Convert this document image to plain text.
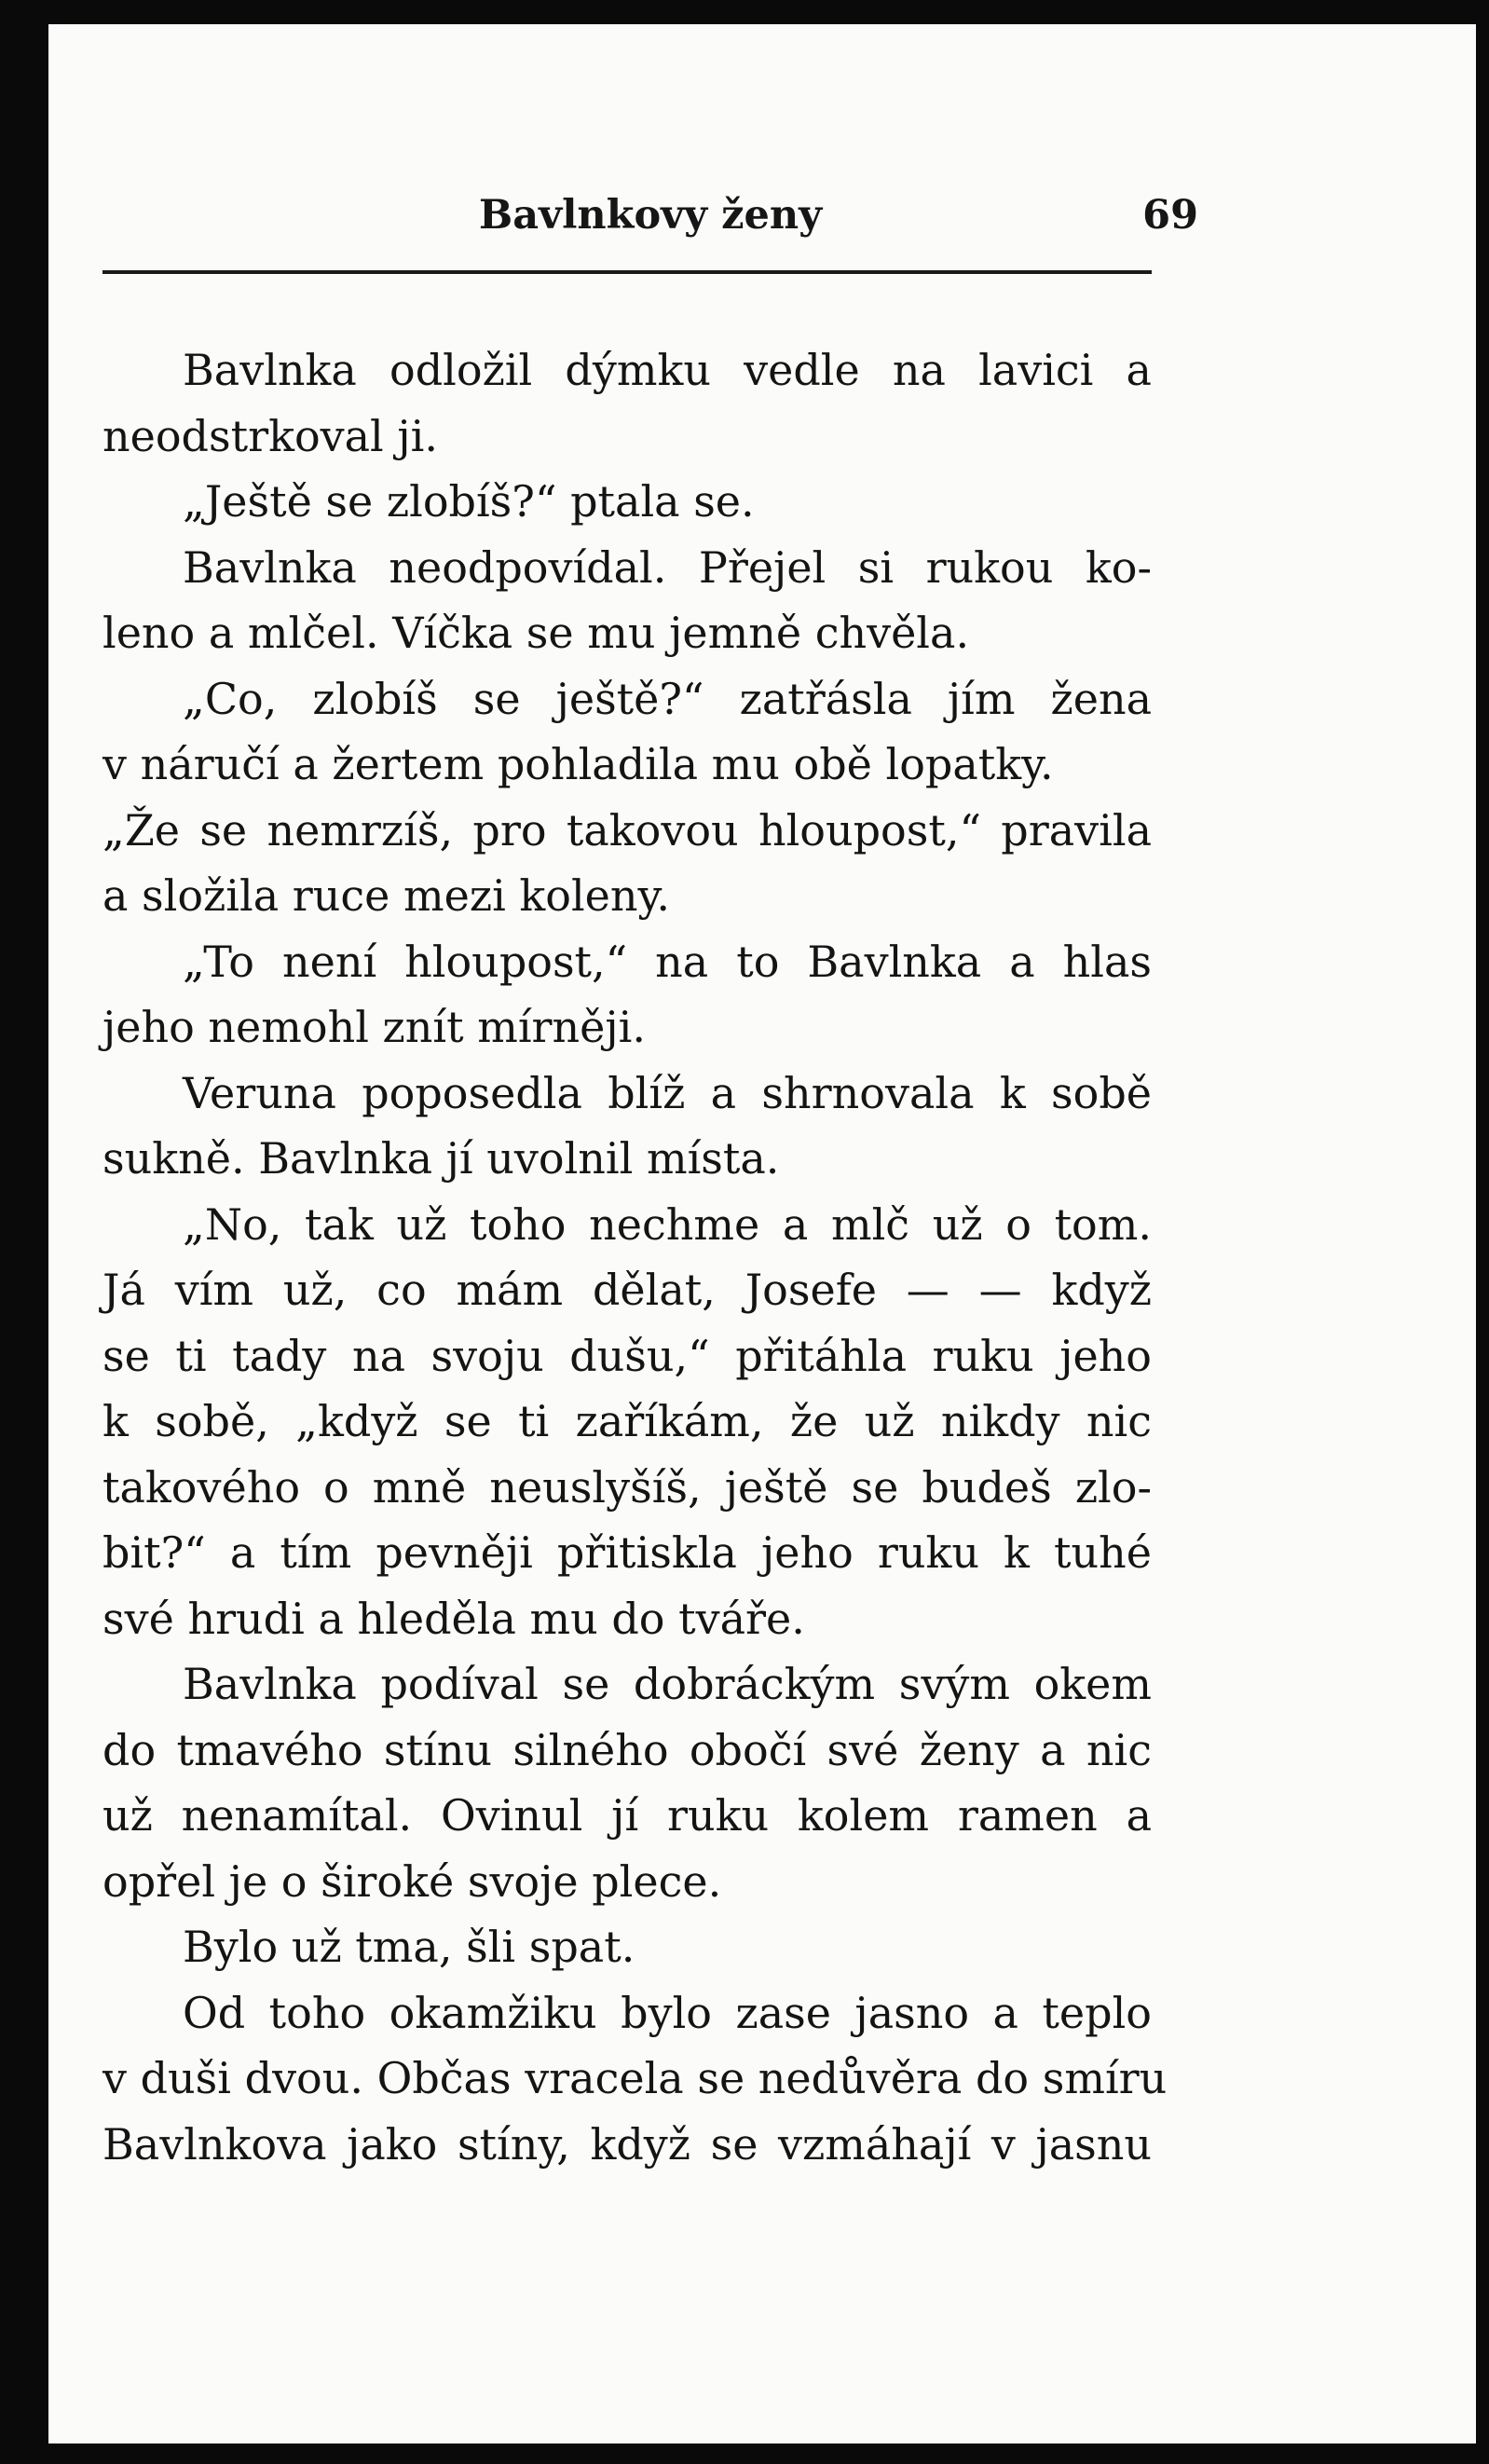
Bavlnkovy ženy	69
Bavlnka odložil dýmku vedle na lavici a
neodstrkoval ji.
„Ještě se zlobíš?“ ptala se.
Bavlnka neodpovídal. Přejel si rukou ko-
leno a mlčel. Víčka se mu jemně chvěla.
„Co, zlobíš se ještě?“ zatřásla jím žena
v náručí a žertem pohladila mu obě lopatky.
„Že se nemrzíš, pro takovou hloupost,“ pravila
a složila ruce mezi koleny.
„To není hloupost,“ na to Bavlnka a hlas
jeho nemohl znít mírněji.
Veruna poposedla blíž a shrnovala k sobě
sukně. Bavlnka jí uvolnil místa.
„No, tak už toho nechme a mlč už o tom.
Já vím už, co mám dělat, Josefe — — když
se ti tady na svoju dušu,“ přitáhla ruku jeho
k sobě, „když se ti zaříkám, že už nikdy nic
takového o mně neuslyšíš, ještě se budeš zlo-
bit?“ a tím pevněji přitiskla jeho ruku k tuhé
své hrudi a hleděla mu do tváře.
Bavlnka podíval se dobráckým svým okem
do tmavého stínu silného obočí své ženy a nic
už nenamítal. Ovinul jí ruku kolem ramen a
opřel je o široké svoje plece.
Bylo už tma, šli spat.
Od toho okamžiku bylo zase jasno a teplo
v duši dvou. Občas vracela se nedůvěra do smíru
Bavlnkova jako stíny, když se vzmáhají v jasnu
